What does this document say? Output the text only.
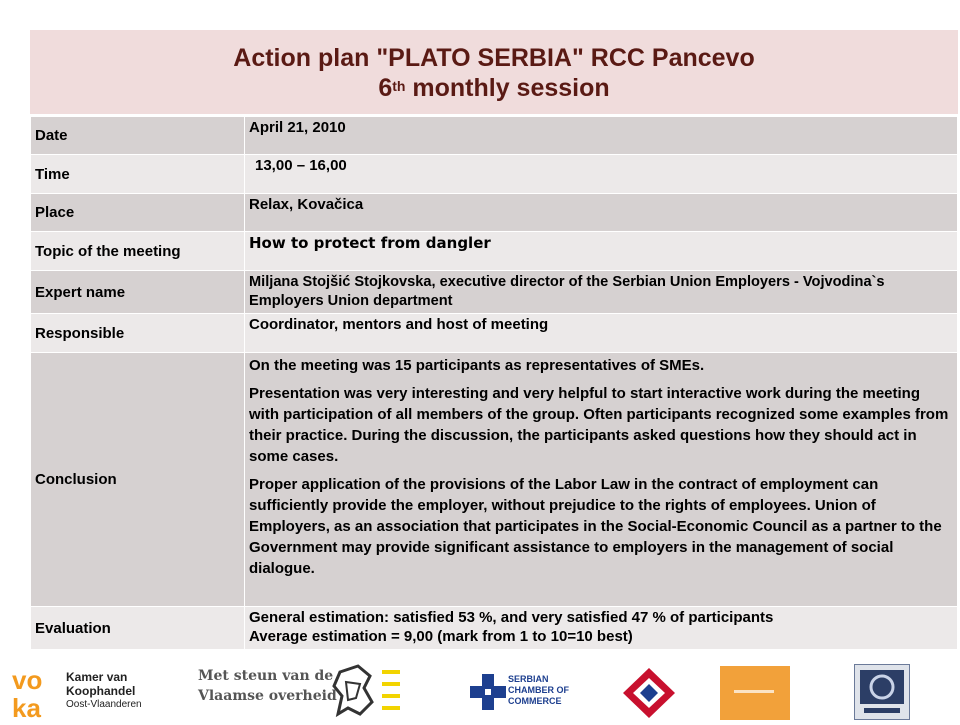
Action plan "PLATO SERBIA" RCC Pancevo
6th monthly session
Date	April 21, 2010
Time	13,00 – 16,00
Place	Relax, Kovačica
Topic of the meeting	How to protect from dangler
Expert name	Miljana Stojšić Stojkovska, executive director of the Serbian Union Employers - Vojvodina`s Employers Union department
Responsible	Coordinator, mentors and host of meeting
Conclusion	On the meeting was 15 participants as representatives of SMEs.

Presentation was very interesting and very helpful to start interactive work during the meeting with participation of all members of the group. Often participants recognized some examples from their practice. During the discussion, the participants asked questions how they should act in some cases.

Proper application of the provisions of the Labor Law in the contract of employment can sufficiently provide the employer, without prejudice to the rights of employees. Union of Employers, as an association that participates in the Social-Economic Council as a partner to the Government may provide significant assistance to employers in the management of social dialogue.

Evaluation	General estimation: satisfied 53 %, and very satisfied 47 % of participants
Average estimation = 9,00 (mark from 1 to 10=10 best)
vo
ka
Kamer van
Koophandel
Oost-Vlaanderen
Met steun van de
Vlaamse overheid
SERBIAN
CHAMBER OF
COMMERCE
